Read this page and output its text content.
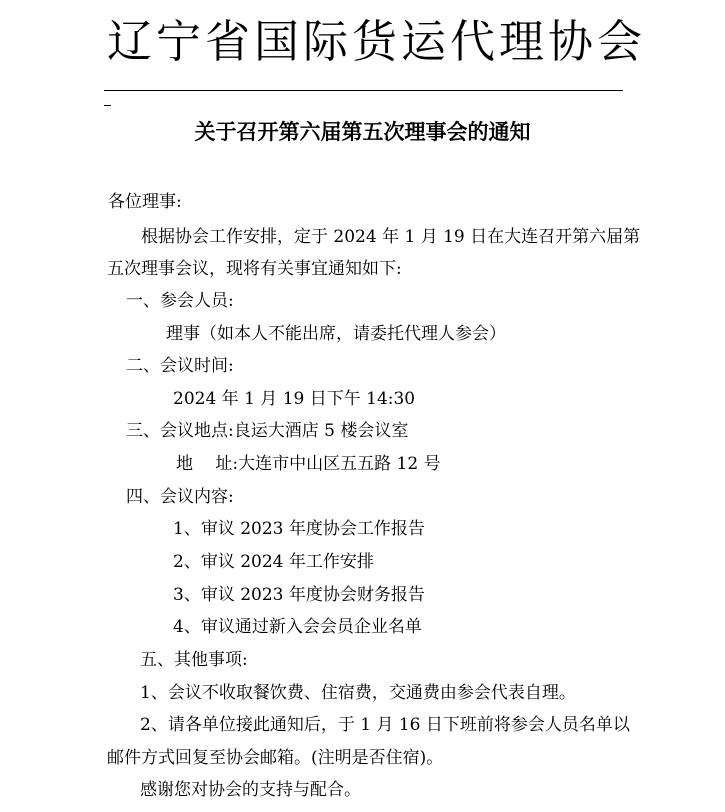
辽宁省国际货运代理协会
关于召开第六届第五次理事会的通知
各位理事:
根据协会工作安排，定于 2024 年 1 月 19 日在大连召开第六届第
五次理事会议，现将有关事宜通知如下:
一、参会人员:
理事（如本人不能出席，请委托代理人参会）
二、会议时间:
2024 年 1 月 19 日下午 14:30
三、会议地点:良运大酒店 5 楼会议室
地　 址:大连市中山区五五路 12 号
四、会议内容:
1、审议 2023 年度协会工作报告
2、审议 2024 年工作安排
3、审议 2023 年度协会财务报告
4、审议通过新入会会员企业名单
五、其他事项:
1、会议不收取餐饮费、住宿费，交通费由参会代表自理。
2、请各单位接此通知后，于 1 月 16 日下班前将参会人员名单以
邮件方式回复至协会邮箱。(注明是否住宿)。
感谢您对协会的支持与配合。
